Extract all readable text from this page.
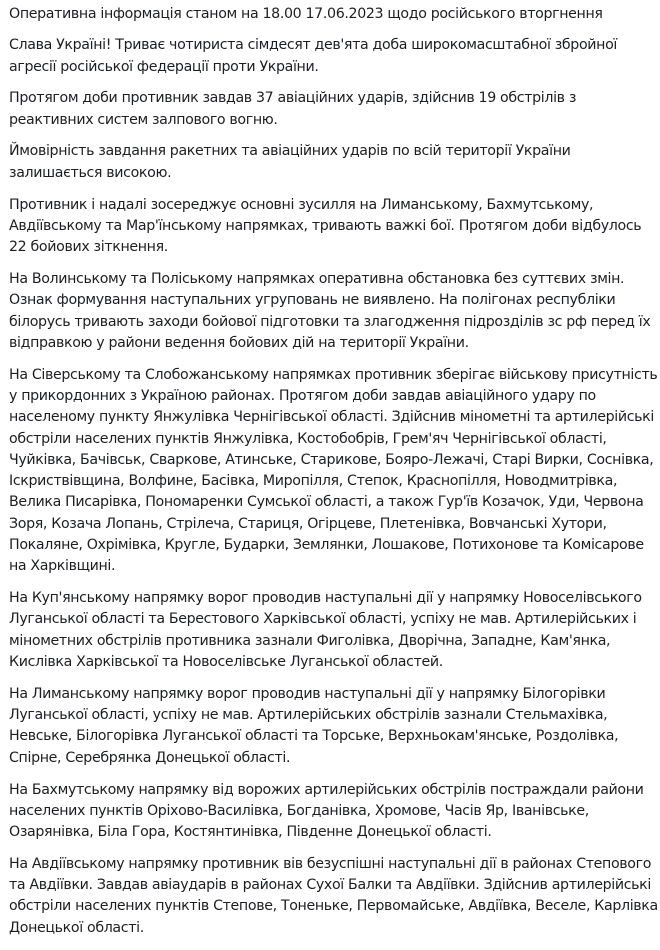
Оперативна інформація станом на 18.00 17.06.2023 щодо російського вторгнення

Слава Україні! Триває чотириста сімдесят дев'ята доба широкомасштабної збройної агресії російської федерації проти України.

Протягом доби противник завдав 37 авіаційних ударів, здійснив 19 обстрілів з реактивних систем залпового вогню.

Ймовірність завдання ракетних та авіаційних ударів по всій території України залишається високою.

Противник і надалі зосереджує основні зусилля на Лиманському, Бахмутському, Авдіївському та Мар'їнському напрямках, тривають важкі бої. Протягом доби відбулось 22 бойових зіткнення.

На Волинському та Поліському напрямках оперативна обстановка без суттєвих змін. Ознак формування наступальних угруповань не виявлено. На полігонах республіки білорусь тривають заходи бойової підготовки та злагодження підрозділів зс рф перед їх відправкою у райони ведення бойових дій на території України.

На Сіверському та Слобожанському напрямках противник зберігає військову присутність у прикордонних з Україною районах. Протягом доби завдав авіаційного удару по населеному пункту Янжулівка Чернігівської області. Здійснив мінометні та артилерійські обстріли населених пунктів Янжулівка, Костобобрів, Грем'яч Чернігівської області, Чуйківка, Бачівськ, Сваркове, Атинське, Старикове, Бояро-Лежачі, Старі Вирки, Соснівка, Іскриствівщина, Волфине, Басівка, Миропілля, Степок, Краснопілля, Новодмитрівка, Велика Писарівка, Пономаренки Сумської області, а також Гур'їв Козачок, Уди, Червона Зоря, Козача Лопань, Стрілеча, Стариця, Огірцеве, Плетенівка, Вовчанські Хутори, Покаляне, Охрімівка, Кругле, Бударки, Землянки, Лошакове, Потихонове та Комісарове на Харківщині.

На Куп'янському напрямку ворог проводив наступальні дії у напрямку Новоселівського Луганської області та Берестового Харківської області, успіху не мав. Артилерійських і мінометних обстрілів противника зазнали Фиголівка, Дворічна, Западне, Кам'янка, Кислівка Харківської та Новоселівське Луганської областей.

На Лиманському напрямку ворог проводив наступальні дії у напрямку Білогорівки Луганської області, успіху не мав. Артилерійських обстрілів зазнали Стельмахівка, Невське, Білогорівка Луганської області та Торське, Верхньокам'янське, Роздолівка, Спірне, Серебрянка Донецької області.

На Бахмутському напрямку від ворожих артилерійських обстрілів постраждали райони населених пунктів Оріхово-Василівка, Богданівка, Хромове, Часів Яр, Іванівське, Озарянівка, Біла Гора, Костянтинівка, Південне Донецької області.

На Авдіївському напрямку противник вів безуспішні наступальні дії в районах Степового та Авдіївки. Завдав авіаударів в районах Сухої Балки та Авдіївки. Здійснив артилерійські обстріли населених пунктів Степове, Тоненьке, Первомайське, Авдіївка, Веселе, Карлівка Донецької області.
